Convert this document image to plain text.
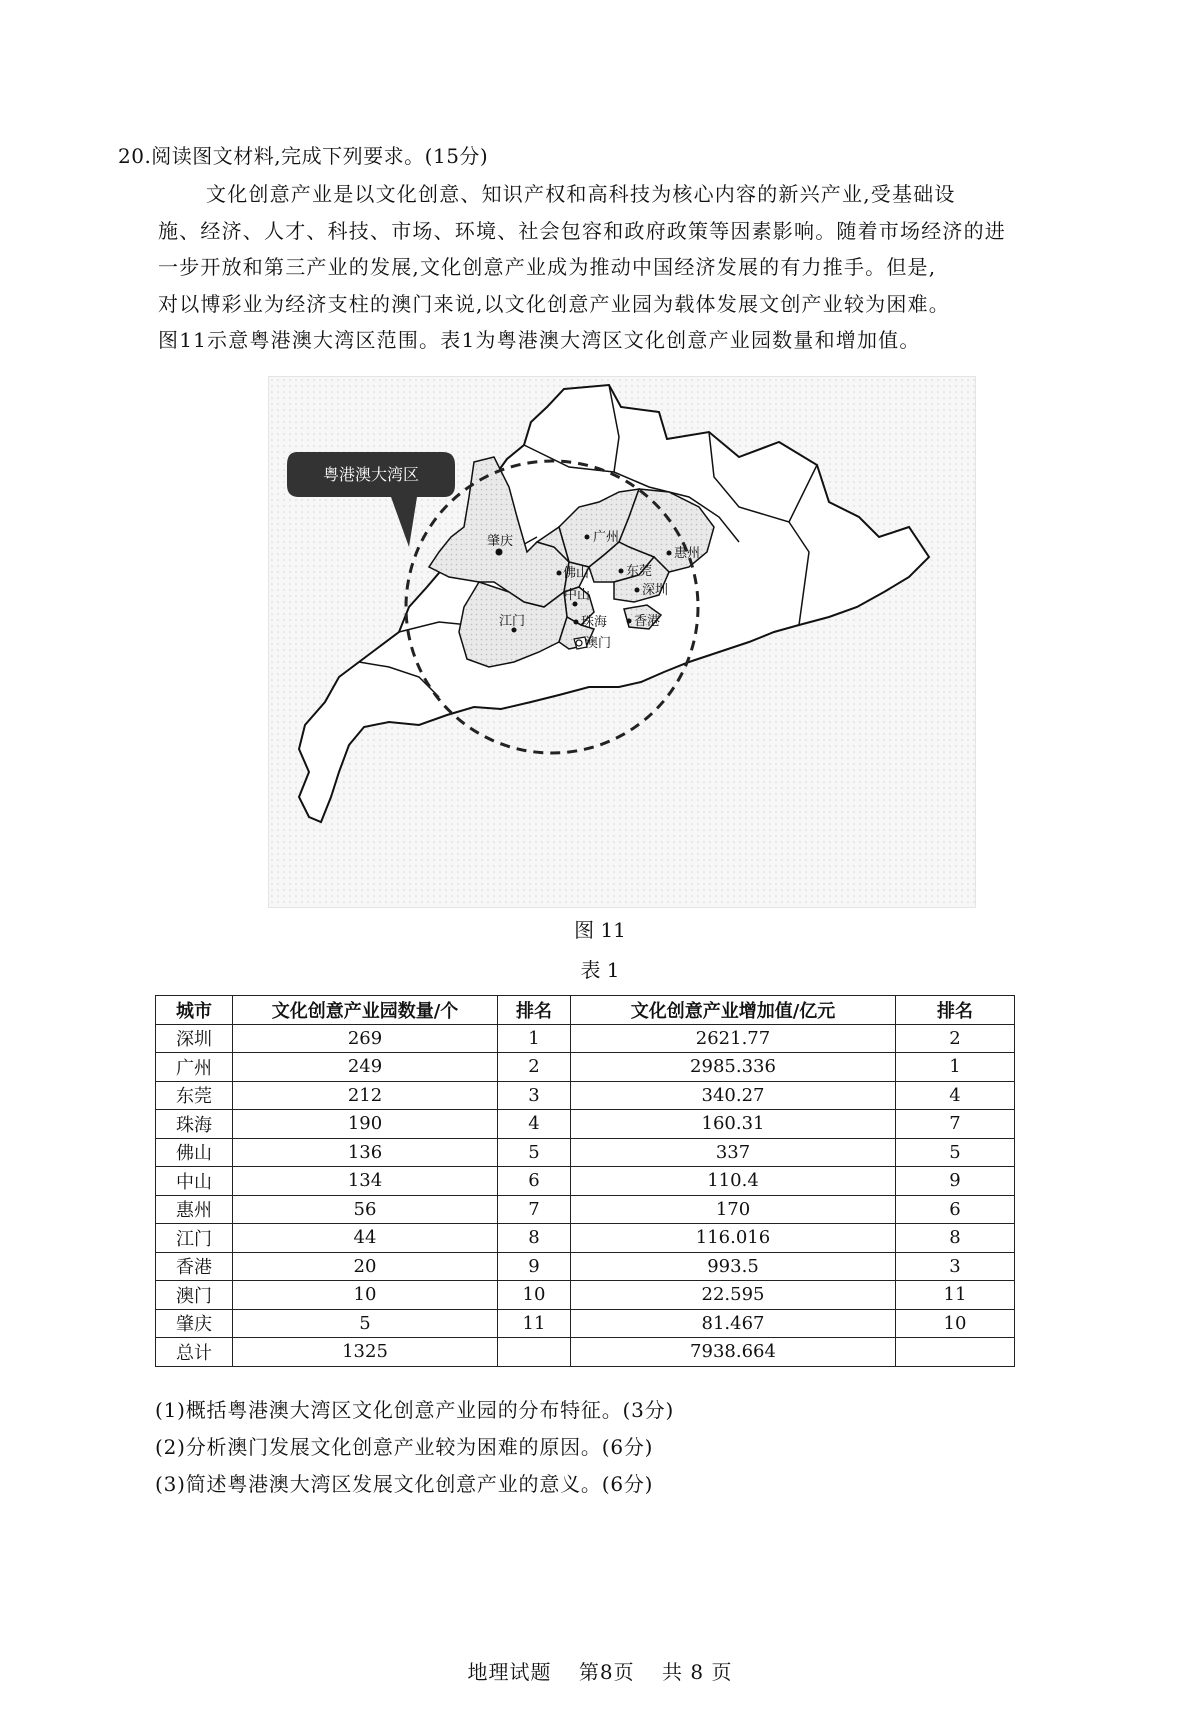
20.阅读图文材料,完成下列要求。(15分)
文化创意产业是以文化创意、知识产权和高科技为核心内容的新兴产业,受基础设
施、经济、人才、科技、市场、环境、社会包容和政府政策等因素影响。随着市场经济的进
一步开放和第三产业的发展,文化创意产业成为推动中国经济发展的有力推手。但是,
对以博彩业为经济支柱的澳门来说,以文化创意产业园为载体发展文创产业较为困难。
图11示意粤港澳大湾区范围。表1为粤港澳大湾区文化创意产业园数量和增加值。
粤港澳大湾区
肇庆	广州
佛山
惠州
东莞
中山	深圳
江门	珠海 香港
澳门
图 11
表 1
城市	文化创意产业园数量/个	排名	文化创意产业增加值/亿元	排名
深圳	269	1	2621.77	2
广州	249	2	2985.336	1
东莞	212	3	340.27	4
珠海	190	4	160.31	7
佛山	136	5	337	5
中山	134	6	110.4	9
惠州	56	7	170	6
江门	44	8	116.016	8
香港	20	9	993.5	3
澳门	10	10	22.595	11
肇庆	5	11	81.467	10
总计	1325		7938.664	
(1)概括粤港澳大湾区文化创意产业园的分布特征。(3分)
(2)分析澳门发展文化创意产业较为困难的原因。(6分)
(3)简述粤港澳大湾区发展文化创意产业的意义。(6分)
地理试题 第8页 共 8 页
